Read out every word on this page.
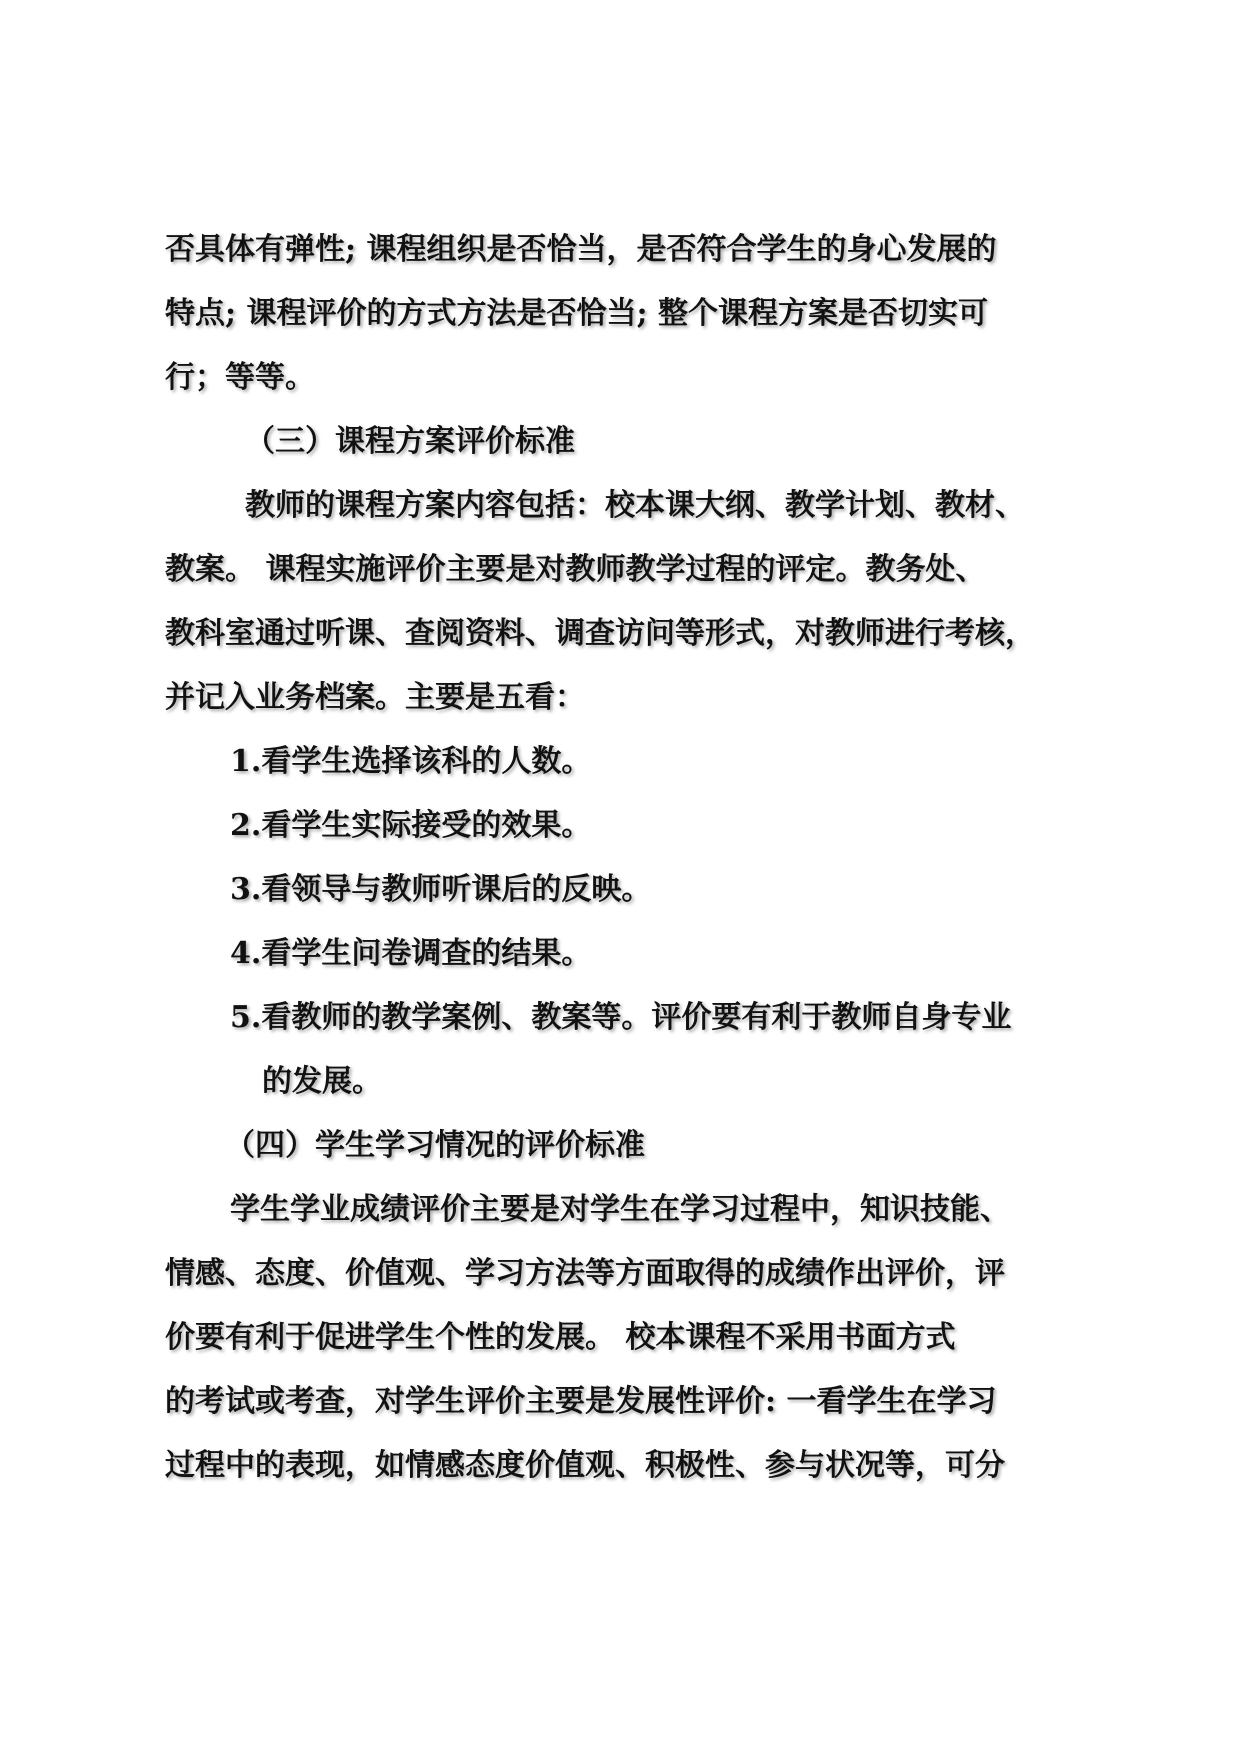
否具体有弹性; 课程组织是否恰当，是否符合学生的身心发展的
特点; 课程评价的方式方法是否恰当; 整个课程方案是否切实可
行；等等。
（三）课程方案评价标准
教师的课程方案内容包括：校本课大纲、教学计划、教材、
教案。 课程实施评价主要是对教师教学过程的评定。教务处、
教科室通过听课、查阅资料、调查访问等形式，对教师进行考核，
并记入业务档案。主要是五看：
1.看学生选择该科的人数。
2.看学生实际接受的效果。
3.看领导与教师听课后的反映。
4.看学生问卷调查的结果。
5.看教师的教学案例、教案等。评价要有利于教师自身专业
的发展。
（四）学生学习情况的评价标准
学生学业成绩评价主要是对学生在学习过程中，知识技能、
情感、态度、价值观、学习方法等方面取得的成绩作出评价，评
价要有利于促进学生个性的发展。 校本课程不采用书面方式
的考试或考查，对学生评价主要是发展性评价: 一看学生在学习
过程中的表现，如情感态度价值观、积极性、参与状况等，可分
